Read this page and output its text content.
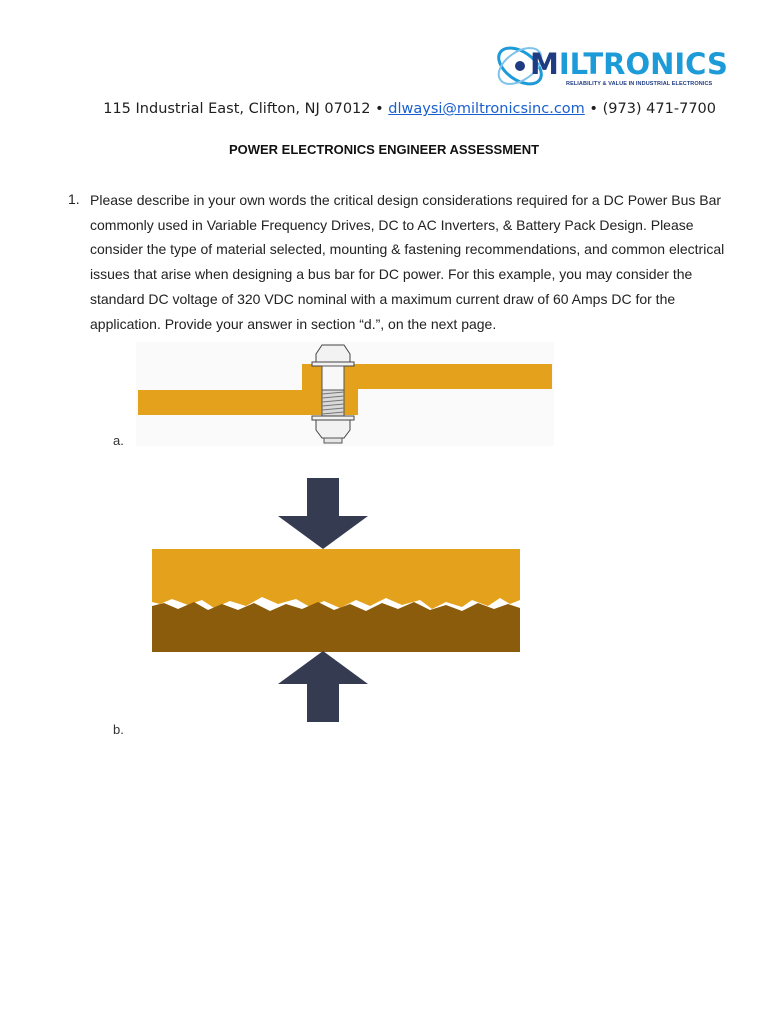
MILTRONICS
RELIABILITY & VALUE IN INDUSTRIAL ELECTRONICS
115 Industrial East, Clifton, NJ 07012 • dlwaysi@miltronicsinc.com • (973) 471-7700
POWER ELECTRONICS ENGINEER ASSESSMENT
1. Please describe in your own words the critical design considerations required for a DC Power Bus Bar commonly used in Variable Frequency Drives, DC to AC Inverters, & Battery Pack Design. Please consider the type of material selected, mounting & fastening recommendations, and common electrical issues that arise when designing a bus bar for DC power. For this example, you may consider the standard DC voltage of 320 VDC nominal with a maximum current draw of 60 Amps DC for the application. Provide your answer in section “d.”, on the next page.
a.
b.
